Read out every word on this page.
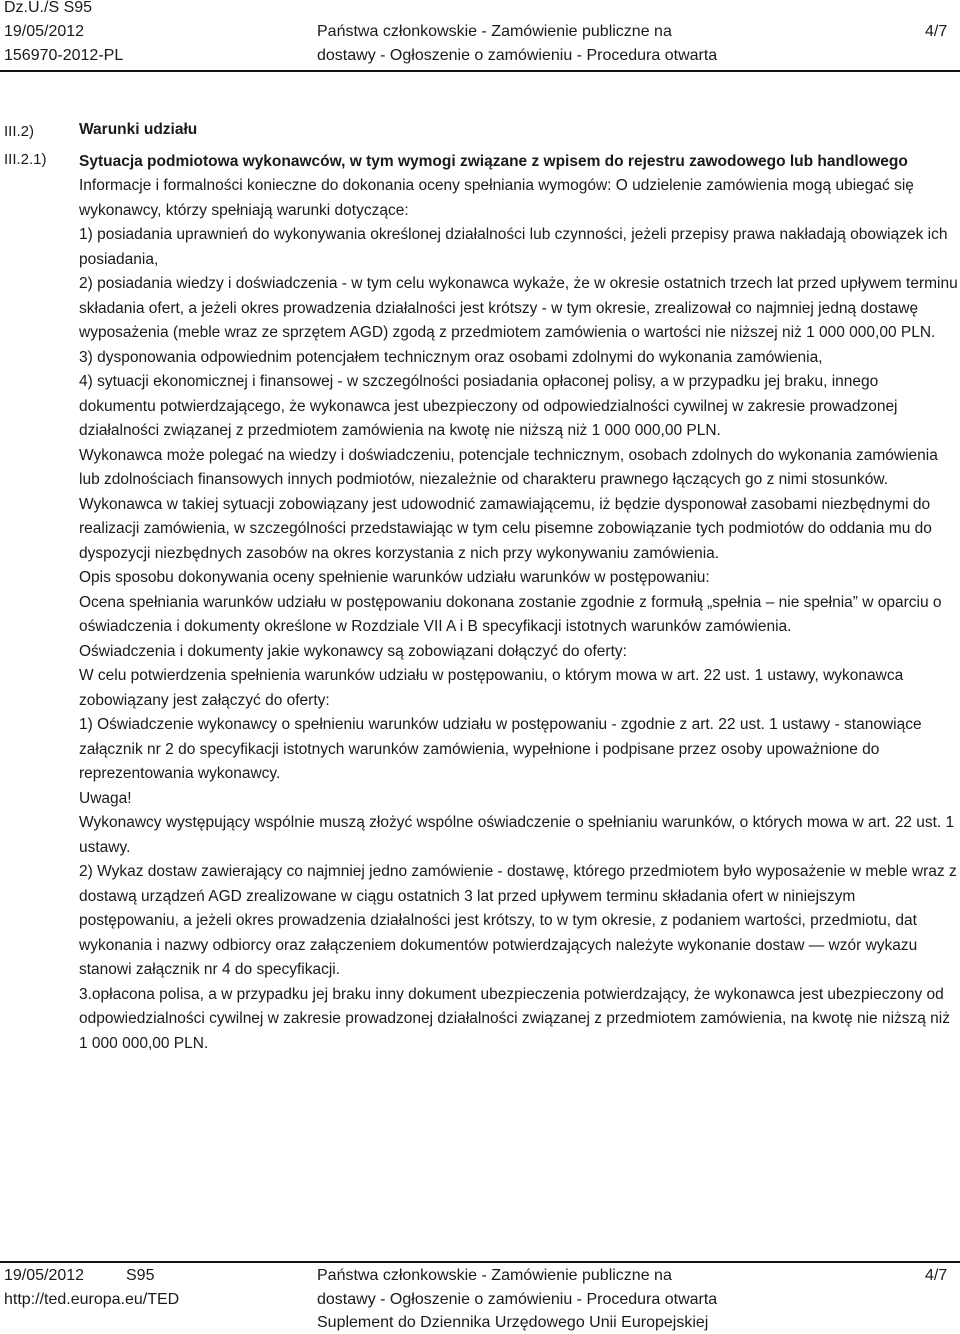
Dz.U./S S95
19/05/2012
156970-2012-PL
Państwa członkowskie - Zamówienie publiczne na
dostawy - Ogłoszenie o zamówieniu - Procedura otwarta
4/7
III.2)
III.2.1)

Warunki udziału

Sytuacja podmiotowa wykonawców, w tym wymogi związane z wpisem do rejestru zawodowego lub handlowego

Informacje i formalności konieczne do dokonania oceny spełniania wymogów: O udzielenie zamówienia mogą ubiegać się wykonawcy, którzy spełniają warunki dotyczące:

1) posiadania uprawnień do wykonywania określonej działalności lub czynności, jeżeli przepisy prawa nakładają obowiązek ich posiadania,

2) posiadania wiedzy i doświadczenia - w tym celu wykonawca wykaże, że w okresie ostatnich trzech lat przed upływem terminu składania ofert, a jeżeli okres prowadzenia działalności jest krótszy - w tym okresie, zrealizował co najmniej jedną dostawę wyposażenia (meble wraz ze sprzętem AGD) zgodą z przedmiotem zamówienia o wartości nie niższej niż 1 000 000,00 PLN.

3) dysponowania odpowiednim potencjałem technicznym oraz osobami zdolnymi do wykonania zamówienia,

4) sytuacji ekonomicznej i finansowej - w szczególności posiadania opłaconej polisy, a w przypadku jej braku, innego dokumentu potwierdzającego, że wykonawca jest ubezpieczony od odpowiedzialności cywilnej w zakresie prowadzonej działalności związanej z przedmiotem zamówienia na kwotę nie niższą niż 1 000 000,00 PLN.

Wykonawca może polegać na wiedzy i doświadczeniu, potencjale technicznym, osobach zdolnych do wykonania zamówienia lub zdolnościach finansowych innych podmiotów, niezależnie od charakteru prawnego łączących go z nimi stosunków.

Wykonawca w takiej sytuacji zobowiązany jest udowodnić zamawiającemu, iż będzie dysponował zasobami niezbędnymi do realizacji zamówienia, w szczególności przedstawiając w tym celu pisemne zobowiązanie tych podmiotów do oddania mu do dyspozycji niezbędnych zasobów na okres korzystania z nich przy wykonywaniu zamówienia.

Opis sposobu dokonywania oceny spełnienie warunków udziału warunków w postępowaniu:

Ocena spełniania warunków udziału w postępowaniu dokonana zostanie zgodnie z formułą „spełnia – nie spełnia” w oparciu o oświadczenia i dokumenty określone w Rozdziale VII A i B specyfikacji istotnych warunków zamówienia.

Oświadczenia i dokumenty jakie wykonawcy są zobowiązani dołączyć do oferty:

W celu potwierdzenia spełnienia warunków udziału w postępowaniu, o którym mowa w art. 22 ust. 1 ustawy, wykonawca zobowiązany jest załączyć do oferty:

1) Oświadczenie wykonawcy o spełnieniu warunków udziału w postępowaniu - zgodnie z art. 22 ust. 1 ustawy - stanowiące załącznik nr 2 do specyfikacji istotnych warunków zamówienia, wypełnione i podpisane przez osoby upoważnione do reprezentowania wykonawcy.

Uwaga!

Wykonawcy występujący wspólnie muszą złożyć wspólne oświadczenie o spełnianiu warunków, o których mowa w art. 22 ust. 1 ustawy.

2) Wykaz dostaw zawierający co najmniej jedno zamówienie - dostawę, którego przedmiotem było wyposażenie w meble wraz z dostawą urządzeń AGD zrealizowane w ciągu ostatnich 3 lat przed upływem terminu składania ofert w niniejszym postępowaniu, a jeżeli okres prowadzenia działalności jest krótszy, to w tym okresie, z podaniem wartości, przedmiotu, dat wykonania i nazwy odbiorcy oraz załączeniem dokumentów potwierdzających należyte wykonanie dostaw — wzór wykazu stanowi załącznik nr 4 do specyfikacji.

3.opłacona polisa, a w przypadku jej braku inny dokument ubezpieczenia potwierdzający, że wykonawca jest ubezpieczony od odpowiedzialności cywilnej w zakresie prowadzonej działalności związanej z przedmiotem zamówienia, na kwotę nie niższą niż 1 000 000,00 PLN.

19/05/2012	S95
http://ted.europa.eu/TED
Państwa członkowskie - Zamówienie publiczne na
dostawy - Ogłoszenie o zamówieniu - Procedura otwarta
Suplement do Dziennika Urzędowego Unii Europejskiej
4/7
